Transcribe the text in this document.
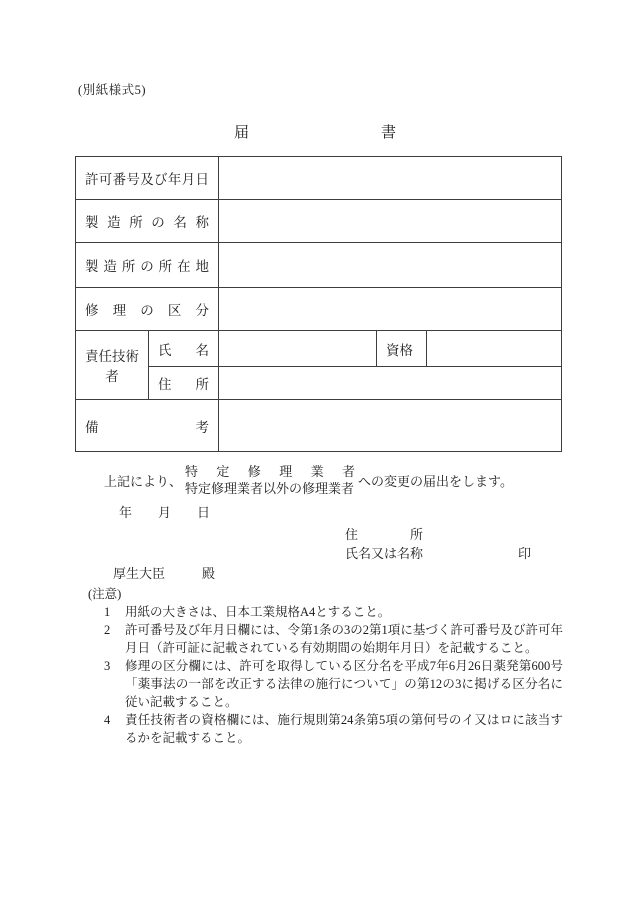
(別紙様式5)
届	書
許可番号及び年月日				
製造所の名称				
製造所の所在地				
修理の区分				
責任技術者	氏名		資格	
	住所			
備考				
上記により、
特定修理業者
特定修理業者以外の修理業者 への変更の届出をします。
年　　月　　日
住　　　　所
氏名又は名称	印
厚生大臣	殿
(注意)
1 用紙の大きさは、日本工業規格A4とすること。
2 許可番号及び年月日欄には、令第1条の3の2第1項に基づく許可番号及び許可年月日（許可証に記載されている有効期間の始期年月日）を記載すること。
3 修理の区分欄には、許可を取得している区分名を平成7年6月26日薬発第600号「薬事法の一部を改正する法律の施行について」の第12の3に掲げる区分名に従い記載すること。
4 責任技術者の資格欄には、施行規則第24条第5項の第何号のイ又はロに該当するかを記載すること。
